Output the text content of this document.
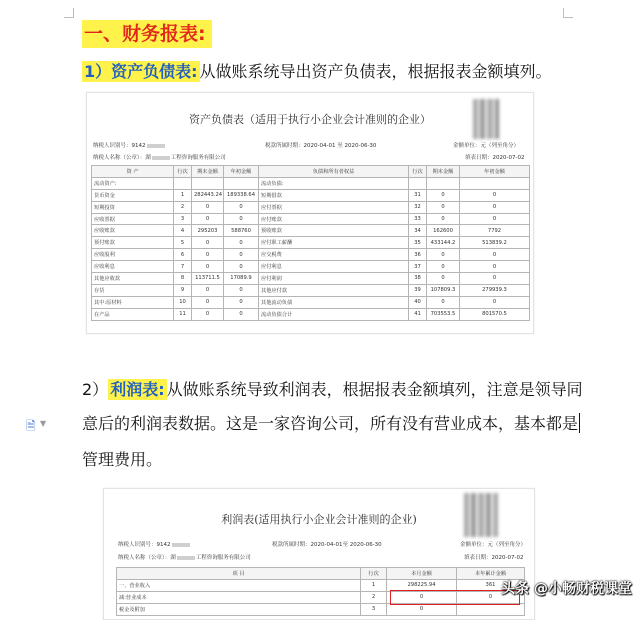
一、财务报表:
1）资产负债表: 从做账系统导出资产负债表，根据报表金额填列。
资产负债表（适用于执行小企业会计准则的企业）
纳税人识别号：9142	税款所属时期：2020-04-01 至 2020-06-30	金额单位：元（列至角分）
纳税人名称（公章）：湖	工程咨询服务有限公司	填表日期：2020-07-02
资 产	行次	期末金额	年初金额	负债和所有者权益	行次	期末金额	年初金额
流动资产:				流动负债:			
货币资金	1	282443.24	189338.64	短期借款	31	0	0
短期投资	2	0	0	应付票据	32	0	0
应收票据	3	0	0	应付账款	33	0	0
应收账款	4	295203	588760	预收账款	34	162600	7792
预付账款	5	0	0	应付职工薪酬	35	433144.2	513839.2
应收股利	6	0	0	应交税费	36	0	0
应收利息	7	0	0	应付利息	37	0	0
其他应收款	8	113711.5	17089.9	应付利润	38	0	0
存货	9	0	0	其他应付款	39	107809.3	279939.3
其中:原材料	10	0	0	其他流动负债	40	0	0
在产品	11	0	0	流动负债合计	41	703553.5	801570.5
2） 利润表: 从做账系统导致利润表，根据报表金额填列，注意是领导同
意后的利润表数据。这是一家咨询公司，所有没有营业成本，基本都是
管理费用。
🗎 ▼
利润表(适用执行小企业会计准则的企业)
纳税人识别号：9142	税款所属时期：2020-04-01至 2020-06-30	金额单位：元（列至角分）
纳税人名称（公章）：湖	工程咨询服务有限公司	填表日期：2020-07-02
项 目	行次	本月金额	本年累计金额
一、营业收入	1	298225.94	361
减:营业成本	2	0	0
税金及附加	3	0	
头条 @小畅财税课堂
